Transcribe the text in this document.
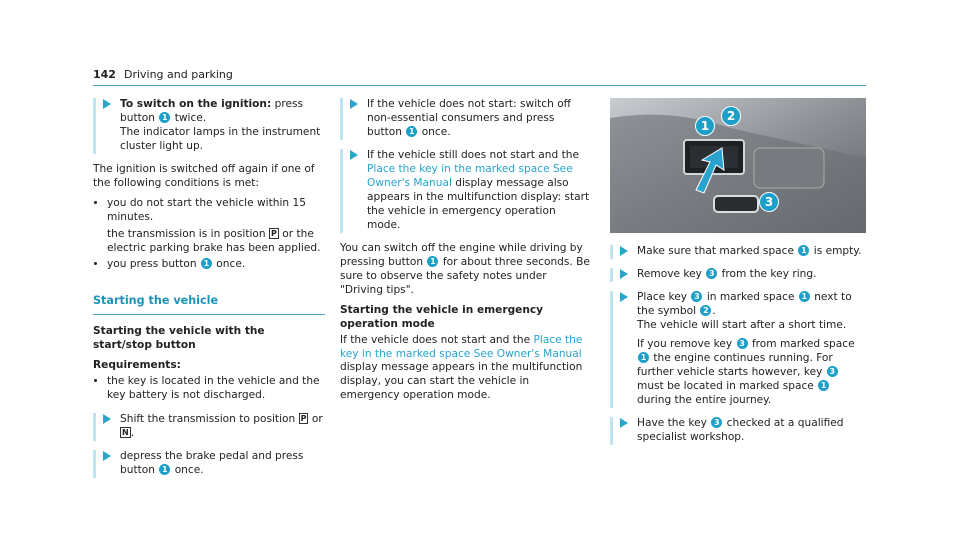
142 Driving and parking
To switch on the ignition: press button 1 twice.
The indicator lamps in the instrument cluster light up.

The ignition is switched off again if one of the following conditions is met:

• you do not start the vehicle within 15 minutes.

the transmission is in position P or the electric parking brake has been applied.

• you press button 1 once.
Starting the vehicle

Starting the vehicle with the start/stop button

Requirements:

• the key is located in the vehicle and the key battery is not discharged.
Shift the transmission to position P or N .
depress the brake pedal and press button 1 once.
If the vehicle does not start: switch off non-essential consumers and press button 1 once.
If the vehicle still does not start and the Place the key in the marked space See Owner's Manual display message also appears in the multifunction display: start the vehicle in emergency operation mode.

You can switch off the engine while driving by pressing button 1 for about three seconds. Be sure to observe the safety notes under "Driving tips".

Starting the vehicle in emergency operation mode

If the vehicle does not start and the Place the key in the marked space See Owner's Manual display message appears in the multifunction display, you can start the vehicle in emergency operation mode.

1
2
3
Make sure that marked space 1 is empty.
Remove key 3 from the key ring.
Place key 3 in marked space 1 next to the symbol 2 .
The vehicle will start after a short time.

If you remove key 3 from marked space 1 the engine continues running. For further vehicle starts however, key 3 must be located in marked space 1 during the entire journey.

Have the key 3 checked at a qualified specialist workshop.
